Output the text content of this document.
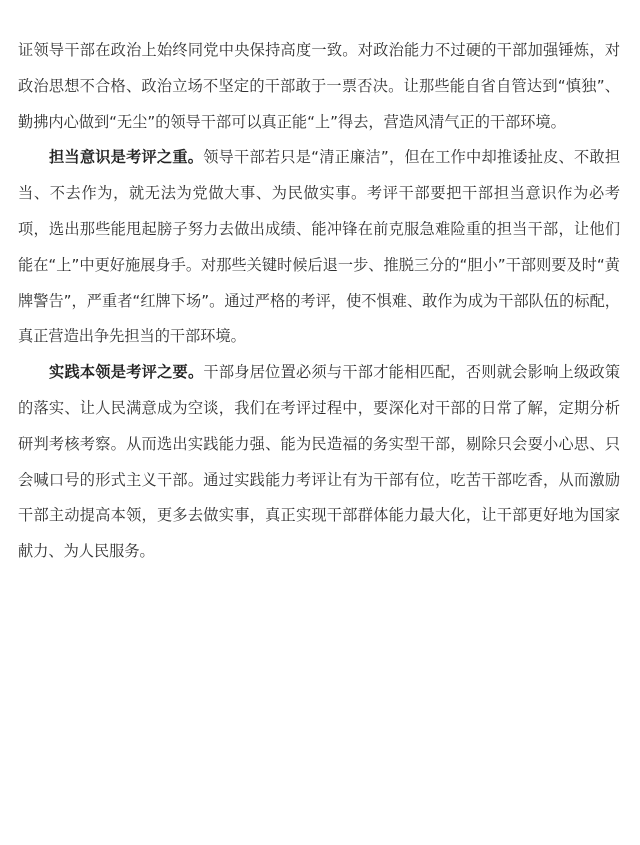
证领导干部在政治上始终同党中央保持高度一致。对政治能力不过硬的干部加强锤炼，对政治思想不合格、政治立场不坚定的干部敢于一票否决。让那些能自省自管达到“慎独”、勤拂内心做到“无尘”的领导干部可以真正能“上”得去，营造风清气正的干部环境。

担当意识是考评之重。领导干部若只是“清正廉洁”，但在工作中却推诿扯皮、不敢担当、不去作为，就无法为党做大事、为民做实事。考评干部要把干部担当意识作为必考项，选出那些能甩起膀子努力去做出成绩、能冲锋在前克服急难险重的担当干部，让他们能在“上”中更好施展身手。对那些关键时候后退一步、推脱三分的“胆小”干部则要及时“黄牌警告”，严重者“红牌下场”。通过严格的考评，使不惧难、敢作为成为干部队伍的标配，真正营造出争先担当的干部环境。

实践本领是考评之要。干部身居位置必须与干部才能相匹配，否则就会影响上级政策的落实、让人民满意成为空谈，我们在考评过程中，要深化对干部的日常了解，定期分析研判考核考察。从而选出实践能力强、能为民造福的务实型干部，剔除只会耍小心思、只会喊口号的形式主义干部。通过实践能力考评让有为干部有位，吃苦干部吃香，从而激励干部主动提高本领，更多去做实事，真正实现干部群体能力最大化，让干部更好地为国家献力、为人民服务。
